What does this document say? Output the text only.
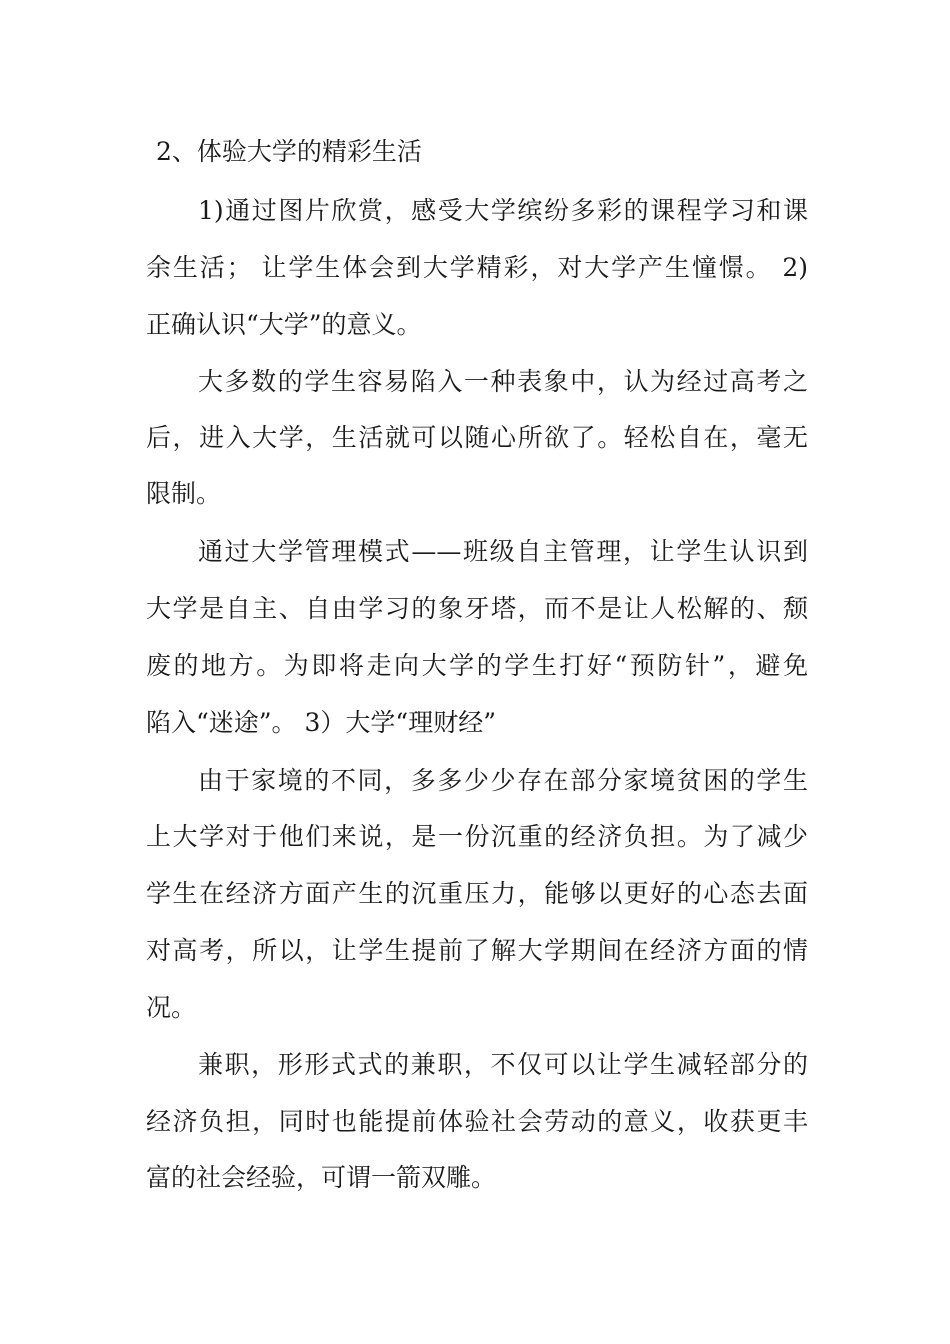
2、体验大学的精彩生活
1)通过图片欣赏，感受大学缤纷多彩的课程学习和课
余生活； 让学生体会到大学精彩，对大学产生憧憬。 2)
正确认识“大学”的意义。
大多数的学生容易陷入一种表象中，认为经过高考之
后，进入大学，生活就可以随心所欲了。轻松自在，毫无
限制。
通过大学管理模式——班级自主管理，让学生认识到
大学是自主、自由学习的象牙塔，而不是让人松解的、颓
废的地方。为即将走向大学的学生打好“预防针”，避免
陷入“迷途”。 3）大学“理财经”
由于家境的不同，多多少少存在部分家境贫困的学生
上大学对于他们来说，是一份沉重的经济负担。为了减少
学生在经济方面产生的沉重压力，能够以更好的心态去面
对高考，所以，让学生提前了解大学期间在经济方面的情
况。
兼职，形形式式的兼职，不仅可以让学生减轻部分的
经济负担，同时也能提前体验社会劳动的意义，收获更丰
富的社会经验，可谓一箭双雕。
